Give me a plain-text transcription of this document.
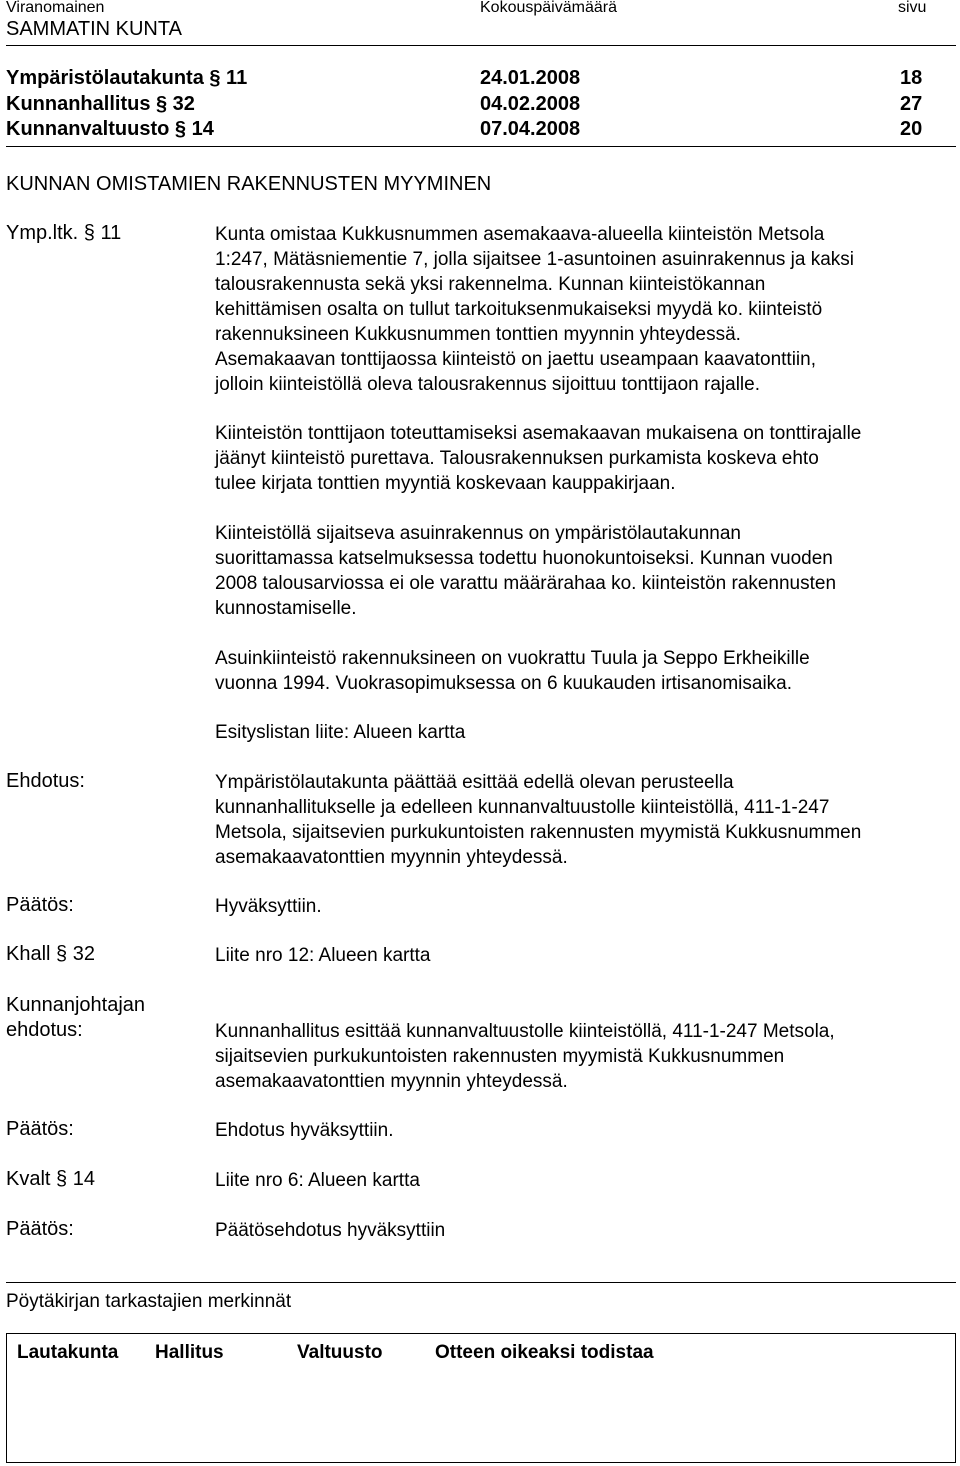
Viranomainen	Kokouspäivämäärä	sivu
SAMMATIN KUNTA
Ympäristölautakunta § 11	24.01.2008	18
Kunnanhallitus § 32	04.02.2008	27
Kunnanvaltuusto § 14	07.04.2008	20
KUNNAN OMISTAMIEN RAKENNUSTEN MYYMINEN
Ymp.ltk. § 11	Kunta omistaa Kukkusnummen asemakaava-alueella kiinteistön Metsola
1:247, Mätäsniementie 7, jolla sijaitsee 1-asuntoinen asuinrakennus ja kaksi
talousrakennusta sekä yksi rakennelma. Kunnan kiinteistökannan
kehittämisen osalta on tullut tarkoituksenmukaiseksi myydä ko. kiinteistö
rakennuksineen Kukkusnummen tonttien myynnin yhteydessä.
Asemakaavan tonttijaossa kiinteistö on jaettu useampaan kaavatonttiin,
jolloin kiinteistöllä oleva talousrakennus sijoittuu tonttijaon rajalle.
Kiinteistön tonttijaon toteuttamiseksi asemakaavan mukaisena on tonttirajalle
jäänyt kiinteistö purettava. Talousrakennuksen purkamista koskeva ehto
tulee kirjata tonttien myyntiä koskevaan kauppakirjaan.
Kiinteistöllä sijaitseva asuinrakennus on ympäristölautakunnan
suorittamassa katselmuksessa todettu huonokuntoiseksi. Kunnan vuoden
2008 talousarviossa ei ole varattu määrärahaa ko. kiinteistön rakennusten
kunnostamiselle.
Asuinkiinteistö rakennuksineen on vuokrattu Tuula ja Seppo Erkheikille
vuonna 1994. Vuokrasopimuksessa on 6 kuukauden irtisanomisaika.
Esityslistan liite: Alueen kartta
Ehdotus:	Ympäristölautakunta päättää esittää edellä olevan perusteella
kunnanhallitukselle ja edelleen kunnanvaltuustolle kiinteistöllä, 411-1-247
Metsola, sijaitsevien purkukuntoisten rakennusten myymistä Kukkusnummen
asemakaavatonttien myynnin yhteydessä.
Päätös:	Hyväksyttiin.
Khall § 32	Liite nro 12: Alueen kartta
Kunnanjohtajan
ehdotus:	Kunnanhallitus esittää kunnanvaltuustolle kiinteistöllä, 411-1-247 Metsola,
sijaitsevien purkukuntoisten rakennusten myymistä Kukkusnummen
asemakaavatonttien myynnin yhteydessä.
Päätös:	Ehdotus hyväksyttiin.
Kvalt § 14	Liite nro 6: Alueen kartta
Päätös:	Päätösehdotus hyväksyttiin
Pöytäkirjan tarkastajien merkinnät
Lautakunta Hallitus	Valtuusto	Otteen oikeaksi todistaa
